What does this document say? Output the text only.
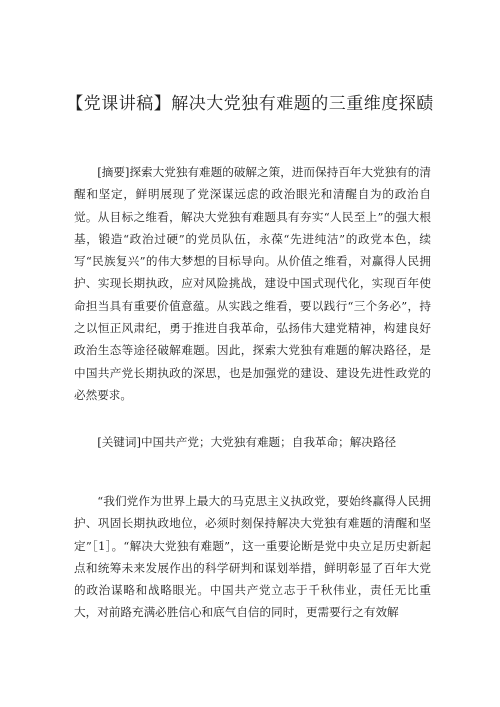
【党课讲稿】解决大党独有难题的三重维度探赜

[摘要]探索大党独有难题的破解之策，进而保持百年大党独有的清醒和坚定，鲜明展现了党深谋远虑的政治眼光和清醒自为的政治自觉。从目标之维看，解决大党独有难题具有夯实“人民至上”的强大根基，锻造“政治过硬”的党员队伍，永葆“先进纯洁”的政党本色，续写“民族复兴”的伟大梦想的目标导向。从价值之维看，对赢得人民拥护、实现长期执政，应对风险挑战，建设中国式现代化，实现百年使命担当具有重要价值意蕴。从实践之维看，要以践行“三个务必”，持之以恒正风肃纪，勇于推进自我革命，弘扬伟大建党精神，构建良好政治生态等途径破解难题。因此，探索大党独有难题的解决路径，是中国共产党长期执政的深思，也是加强党的建设、建设先进性政党的必然要求。

[关键词]中国共产党；大党独有难题；自我革命；解决路径

“我们党作为世界上最大的马克思主义执政党，要始终赢得人民拥护、巩固长期执政地位，必须时刻保持解决大党独有难题的清醒和坚定”［1］。“解决大党独有难题”，这一重要论断是党中央立足历史新起点和统筹未来发展作出的科学研判和谋划举措，鲜明彰显了百年大党的政治谋略和战略眼光。中国共产党立志于千秋伟业，责任无比重大，对前路充满必胜信心和底气自信的同时，更需要行之有效解
